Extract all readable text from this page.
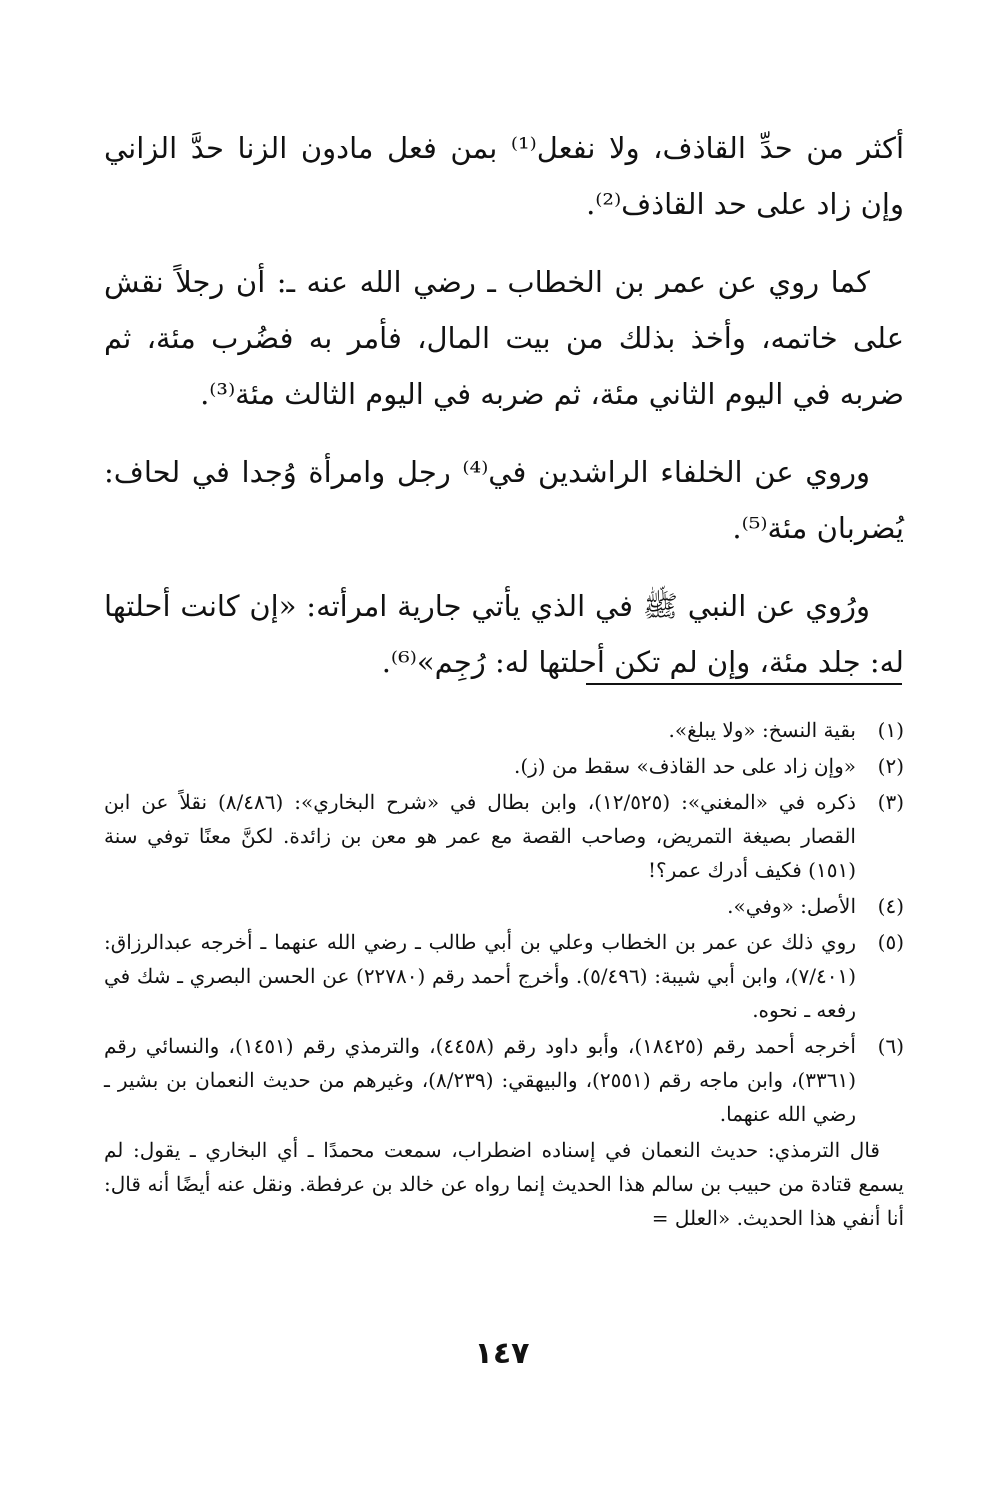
أكثر من حدِّ القاذف، ولا نفعل⁽¹⁾ بمن فعل مادون الزنا حدَّ الزاني وإن زاد على حد القاذف⁽²⁾.

كما روي عن عمر بن الخطاب ـ رضي الله عنه ـ: أن رجلاً نقش على خاتمه، وأخذ بذلك من بيت المال، فأمر به فضُرب مئة، ثم ضربه في اليوم الثاني مئة، ثم ضربه في اليوم الثالث مئة⁽³⁾.

وروي عن الخلفاء الراشدين في⁽⁴⁾ رجل وامرأة وُجدا في لحاف: يُضربان مئة⁽⁵⁾.

ورُوي عن النبي ﷺ في الذي يأتي جارية امرأته: «إن كانت أحلتها له: جلد مئة، وإن لم تكن أحلتها له: رُجِم»⁽⁶⁾.

(١)
بقية النسخ: «ولا يبلغ».
(٢)
«وإن زاد على حد القاذف» سقط من (ز).
(٣)
ذكره في «المغني»: (١٢/٥٢٥)، وابن بطال في «شرح البخاري»: (٨/٤٨٦) نقلاً عن ابن القصار بصيغة التمريض، وصاحب القصة مع عمر هو معن بن زائدة. لكنَّ معنًا توفي سنة (١٥١) فكيف أدرك عمر؟!
(٤)
الأصل: «وفي».
(٥)
روي ذلك عن عمر بن الخطاب وعلي بن أبي طالب ـ رضي الله عنهما ـ أخرجه عبدالرزاق: (٧/٤٠١)، وابن أبي شيبة: (٥/٤٩٦). وأخرج أحمد رقم (٢٢٧٨٠) عن الحسن البصري ـ شك في رفعه ـ نحوه.
(٦)
أخرجه أحمد رقم (١٨٤٢٥)، وأبو داود رقم (٤٤٥٨)، والترمذي رقم (١٤٥١)، والنسائي رقم (٣٣٦١)، وابن ماجه رقم (٢٥٥١)، والبيهقي: (٨/٢٣٩)، وغيرهم من حديث النعمان بن بشير ـ رضي الله عنهما.

قال الترمذي: حديث النعمان في إسناده اضطراب، سمعت محمدًا ـ أي البخاري ـ يقول: لم يسمع قتادة من حبيب بن سالم هذا الحديث إنما رواه عن خالد بن عرفطة. ونقل عنه أيضًا أنه قال: أنا أنفي هذا الحديث. «العلل =

١٤٧
